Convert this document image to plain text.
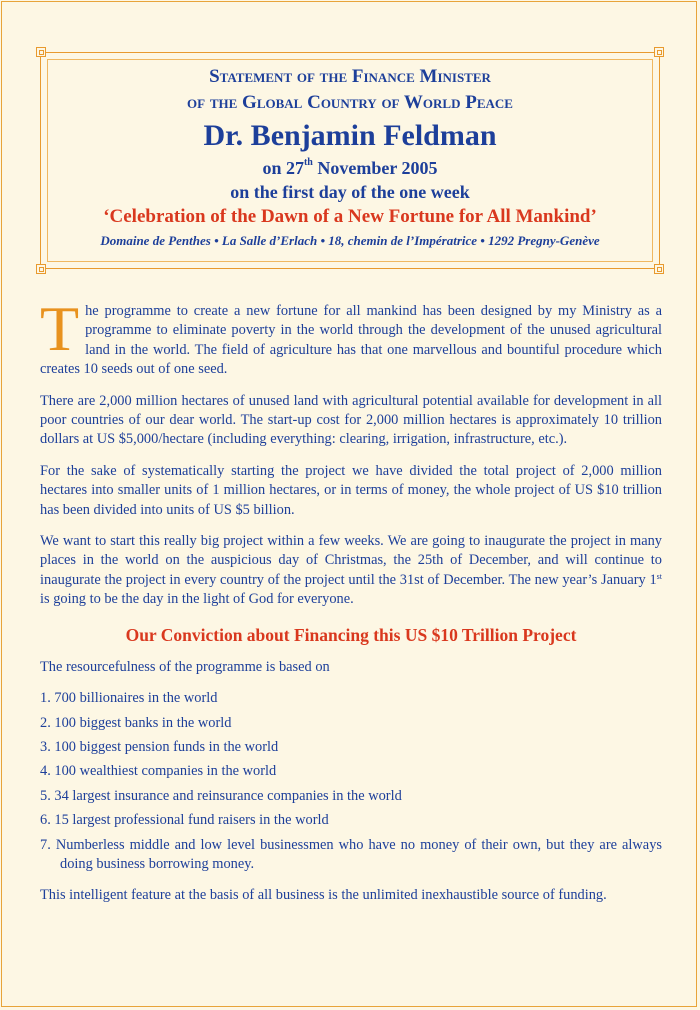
Statement of the Finance Minister
of the Global Country of World Peace
Dr. Benjamin Feldman
on 27th November 2005
on the first day of the one week
‘Celebration of the Dawn of a New Fortune for All Mankind’
Domaine de Penthes • La Salle d’Erlach • 18, chemin de l’Impératrice • 1292 Pregny-Genève

The programme to create a new fortune for all mankind has been designed by my Ministry as a programme to eliminate poverty in the world through the development of the unused agricultural land in the world. The field of agriculture has that one marvellous and bountiful procedure which creates 10 seeds out of one seed.

There are 2,000 million hectares of unused land with agricultural potential available for development in all poor countries of our dear world. The start-up cost for 2,000 million hectares is approximately 10 trillion dollars at US $5,000/hectare (including everything: clearing, irrigation, infrastructure, etc.).

For the sake of systematically starting the project we have divided the total project of 2,000 million hectares into smaller units of 1 million hectares, or in terms of money, the whole project of US $10 trillion has been divided into units of US $5 billion.

We want to start this really big project within a few weeks. We are going to inaugurate the project in many places in the world on the auspicious day of Christmas, the 25th of December, and will continue to inaugurate the project in every country of the project until the 31st of December. The new year’s January 1st is going to be the day in the light of God for everyone.

Our Conviction about Financing this US $10 Trillion Project

The resourcefulness of the programme is based on

1. 700 billionaires in the world
2. 100 biggest banks in the world
3. 100 biggest pension funds in the world
4. 100 wealthiest companies in the world
5. 34 largest insurance and reinsurance companies in the world
6. 15 largest professional fund raisers in the world
7. Numberless middle and low level businessmen who have no money of their own, but they are always doing business borrowing money.

This intelligent feature at the basis of all business is the unlimited inexhaustible source of funding.
